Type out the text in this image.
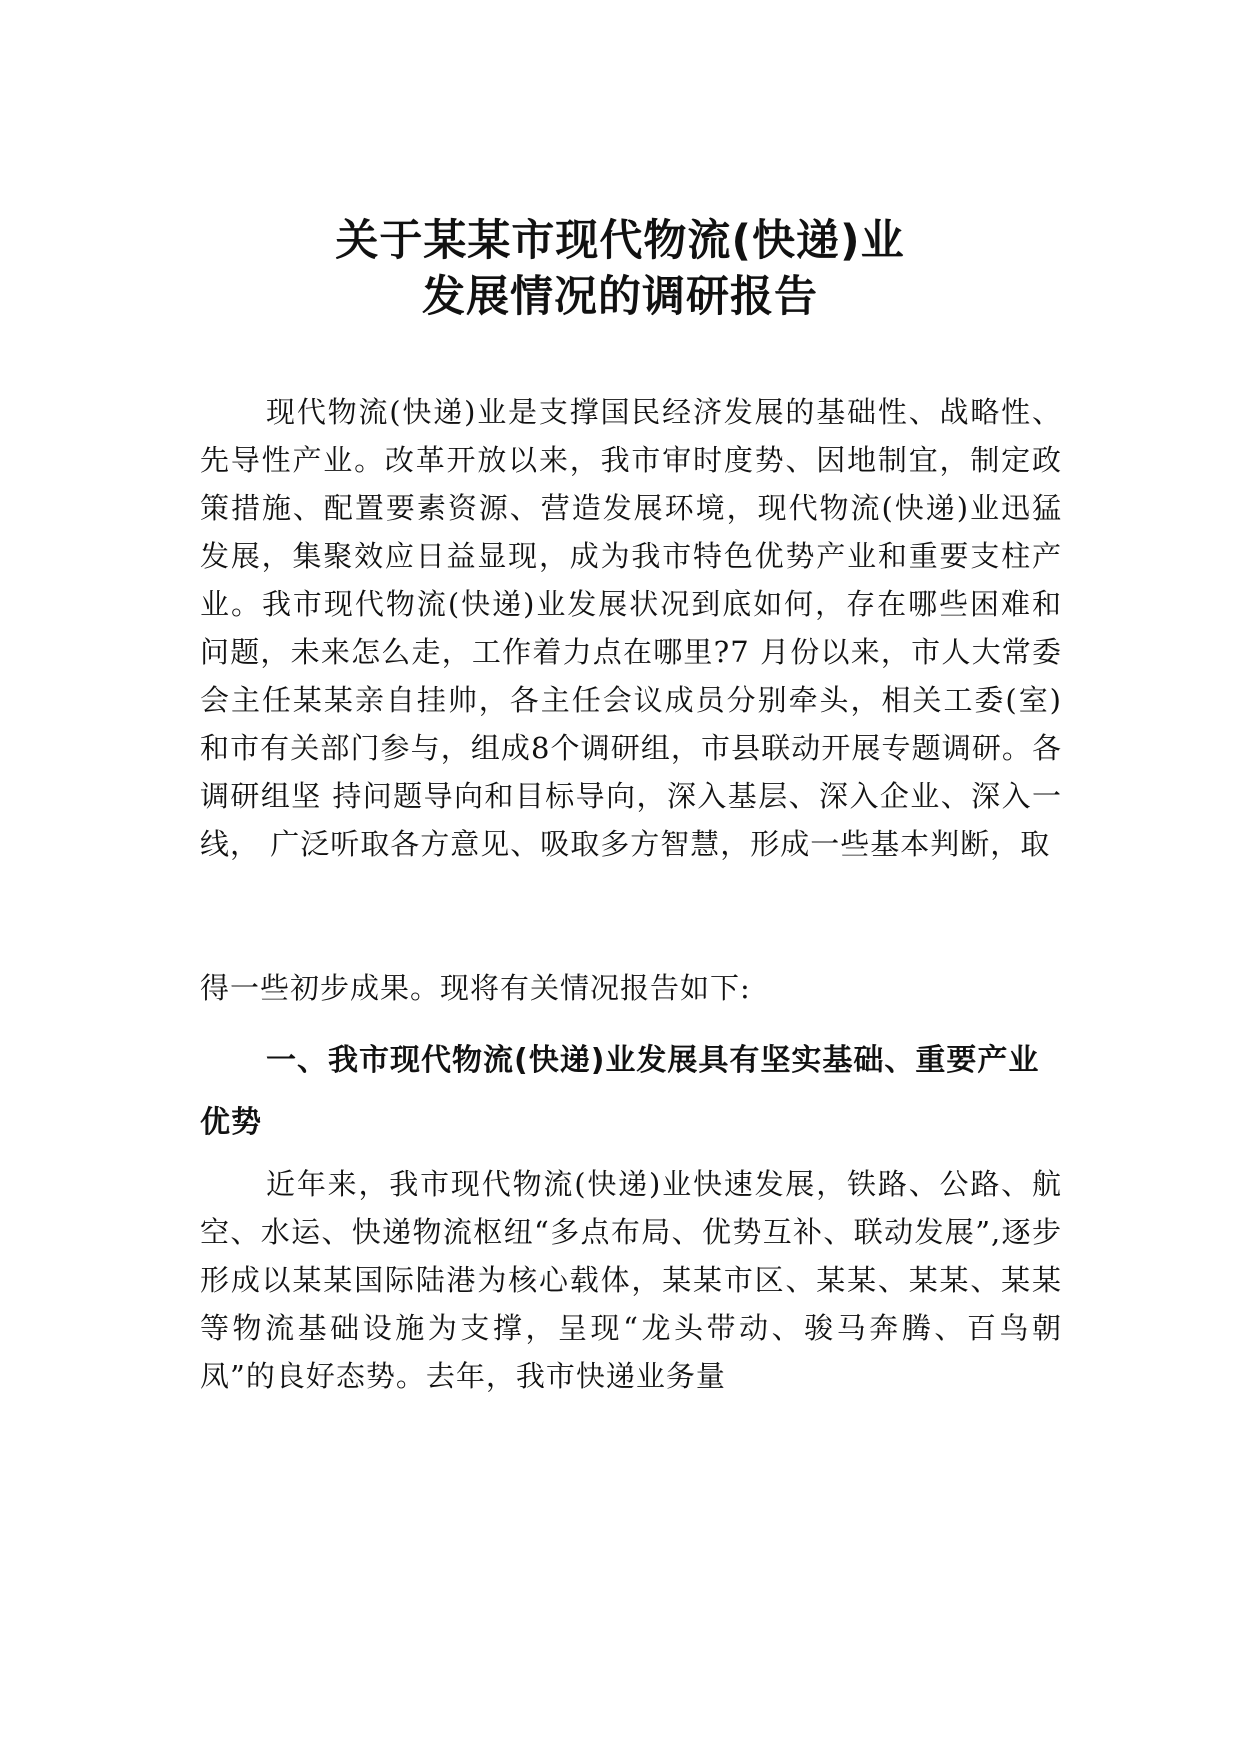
关于某某市现代物流(快递)业
发展情况的调研报告

现代物流(快递)业是支撑国民经济发展的基础性、战略性、先导性产业。改革开放以来，我市审时度势、因地制宜，制定政策措施、配置要素资源、营造发展环境，现代物流(快递)业迅猛发展，集聚效应日益显现，成为我市特色优势产业和重要支柱产业。我市现代物流(快递)业发展状况到底如何，存在哪些困难和问题，未来怎么走，工作着力点在哪里?7 月份以来，市人大常委会主任某某亲自挂帅，各主任会议成员分别牵头，相关工委(室)和市有关部门参与，组成8个调研组，市县联动开展专题调研。各调研组坚 持问题导向和目标导向，深入基层、深入企业、深入一线， 广泛听取各方意见、吸取多方智慧，形成一些基本判断，取

得一些初步成果。现将有关情况报告如下:

一、我市现代物流(快递)业发展具有坚实基础、重要产业优势

近年来，我市现代物流(快递)业快速发展，铁路、公路、航空、水运、快递物流枢纽“多点布局、优势互补、联动发展”,逐步形成以某某国际陆港为核心载体，某某市区、某某、某某、某某等物流基础设施为支撑，呈现“龙头带动、骏马奔腾、百鸟朝凤”的良好态势。去年，我市快递业务量
